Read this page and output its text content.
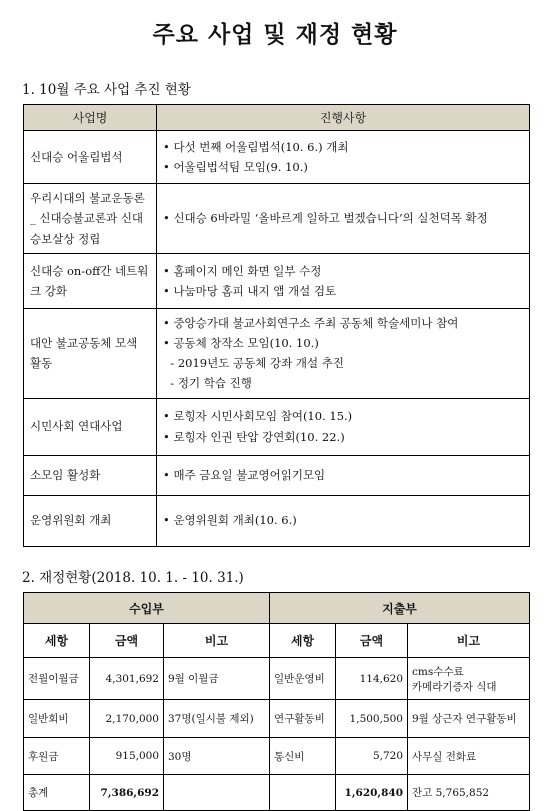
주요 사업 및 재정 현황
1. 10월 주요 사업 추진 현황
사업명	진행사항
신대승 어울림법석	• 다섯 번째 어울림법석(10. 6.) 개최
• 어울림법석팀 모임(9. 10.)

우리시대의 불교운동론 _ 신대승불교론과 신대승보살상 정립	• 신대승 6바라밀 ‘올바르게 일하고 벌겠습니다’의 실천덕목 확정

신대승 on-off간 네트워크 강화	• 홈페이지 메인 화면 일부 수정
• 나눔마당 홈피 내지 앱 개설 검토

대안 불교공동체 모색 활동	• 중앙승가대 불교사회연구소 주최 공동체 학술세미나 참여
• 공동체 창작소 모임(10. 10.)
- 2019년도 공동체 강좌 개설 추진
- 정기 학습 진행

시민사회 연대사업	• 로힝자 시민사회모임 참여(10. 15.)
• 로힝자 인권 탄압 강연회(10. 22.)

소모임 활성화	• 매주 금요일 불교영어읽기모임

운영위원회 개최	• 운영위원회 개최(10. 6.)
2. 재정현황(2018. 10. 1. - 10. 31.)
수입부			지출부		
세항	금액	비고	세항	금액	비고
전월이월금	4,301,692	9월 이월금	일반운영비	114,620	cms수수료
카메라기증자 식대
일반회비	2,170,000	37명(일시불 제외)	연구활동비	1,500,500	9월 상근자 연구활동비
후원금	915,000	30명	통신비	5,720	사무실 전화료
총계	7,386,692			1,620,840	잔고 5,765,852
